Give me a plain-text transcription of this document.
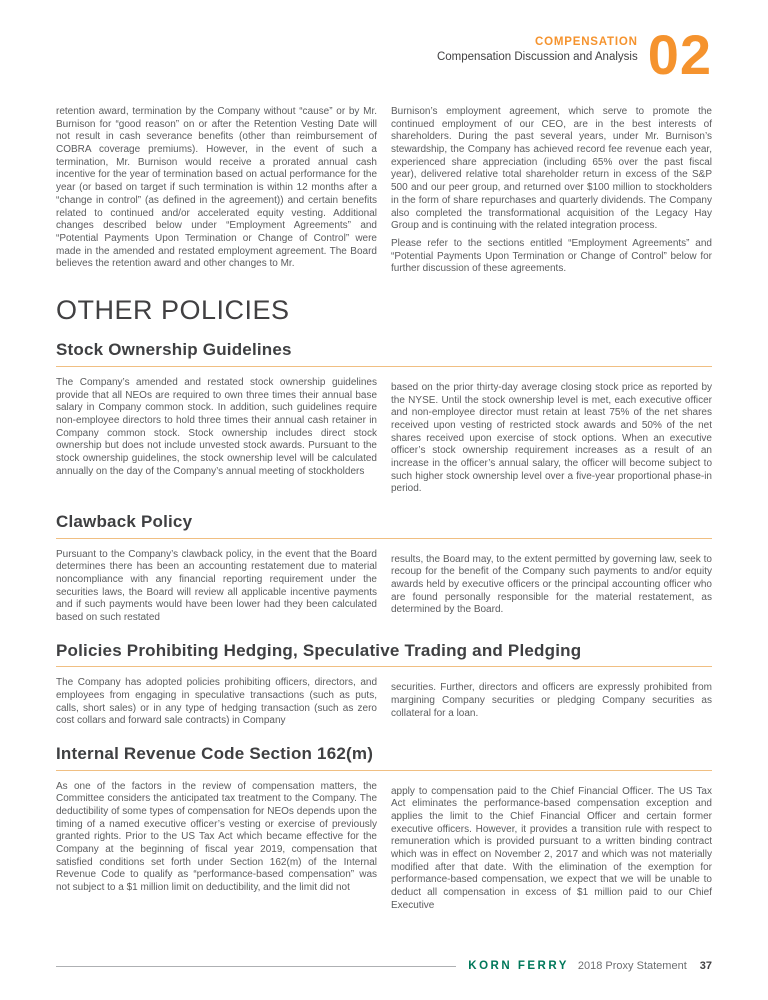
COMPENSATION
Compensation Discussion and Analysis 02

retention award, termination by the Company without “cause” or by Mr. Burnison for “good reason” on or after the Retention Vesting Date will not result in cash severance benefits (other than reimbursement of COBRA coverage premiums). However, in the event of such a termination, Mr. Burnison would receive a prorated annual cash incentive for the year of termination based on actual performance for the year (or based on target if such termination is within 12 months after a “change in control” (as defined in the agreement)) and certain benefits related to continued and/or accelerated equity vesting. Additional changes described below under “Employment Agreements” and “Potential Payments Upon Termination or Change of Control” were made in the amended and restated employment agreement. The Board believes the retention award and other changes to Mr.

Burnison’s employment agreement, which serve to promote the continued employment of our CEO, are in the best interests of shareholders. During the past several years, under Mr. Burnison’s stewardship, the Company has achieved record fee revenue each year, experienced share appreciation (including 65% over the past fiscal year), delivered relative total shareholder return in excess of the S&P 500 and our peer group, and returned over $100 million to stockholders in the form of share repurchases and quarterly dividends. The Company also completed the transformational acquisition of the Legacy Hay Group and is continuing with the related integration process.

Please refer to the sections entitled “Employment Agreements” and “Potential Payments Upon Termination or Change of Control” below for further discussion of these agreements.

OTHER POLICIES
Stock Ownership Guidelines

The Company’s amended and restated stock ownership guidelines provide that all NEOs are required to own three times their annual base salary in Company common stock. In addition, such guidelines require non-employee directors to hold three times their annual cash retainer in Company common stock. Stock ownership includes direct stock ownership but does not include unvested stock awards. Pursuant to the stock ownership guidelines, the stock ownership level will be calculated annually on the day of the Company’s annual meeting of stockholders

based on the prior thirty-day average closing stock price as reported by the NYSE. Until the stock ownership level is met, each executive officer and non-employee director must retain at least 75% of the net shares received upon vesting of restricted stock awards and 50% of the net shares received upon exercise of stock options. When an executive officer’s stock ownership requirement increases as a result of an increase in the officer’s annual salary, the officer will become subject to such higher stock ownership level over a five-year proportional phase-in period.

Clawback Policy

Pursuant to the Company’s clawback policy, in the event that the Board determines there has been an accounting restatement due to material noncompliance with any financial reporting requirement under the securities laws, the Board will review all applicable incentive payments and if such payments would have been lower had they been calculated based on such restated

results, the Board may, to the extent permitted by governing law, seek to recoup for the benefit of the Company such payments to and/or equity awards held by executive officers or the principal accounting officer who are found personally responsible for the material restatement, as determined by the Board.

Policies Prohibiting Hedging, Speculative Trading and Pledging

The Company has adopted policies prohibiting officers, directors, and employees from engaging in speculative transactions (such as puts, calls, short sales) or in any type of hedging transaction (such as zero cost collars and forward sale contracts) in Company

securities. Further, directors and officers are expressly prohibited from margining Company securities or pledging Company securities as collateral for a loan.

Internal Revenue Code Section 162(m)

As one of the factors in the review of compensation matters, the Committee considers the anticipated tax treatment to the Company. The deductibility of some types of compensation for NEOs depends upon the timing of a named executive officer’s vesting or exercise of previously granted rights. Prior to the US Tax Act which became effective for the Company at the beginning of fiscal year 2019, compensation that satisfied conditions set forth under Section 162(m) of the Internal Revenue Code to qualify as “performance-based compensation” was not subject to a $1 million limit on deductibility, and the limit did not

apply to compensation paid to the Chief Financial Officer. The US Tax Act eliminates the performance-based compensation exception and applies the limit to the Chief Financial Officer and certain former executive officers. However, it provides a transition rule with respect to remuneration which is provided pursuant to a written binding contract which was in effect on November 2, 2017 and which was not materially modified after that date. With the elimination of the exemption for performance-based compensation, we expect that we will be unable to deduct all compensation in excess of $1 million paid to our Chief Executive

KORN FERRY 2018 Proxy Statement 37
